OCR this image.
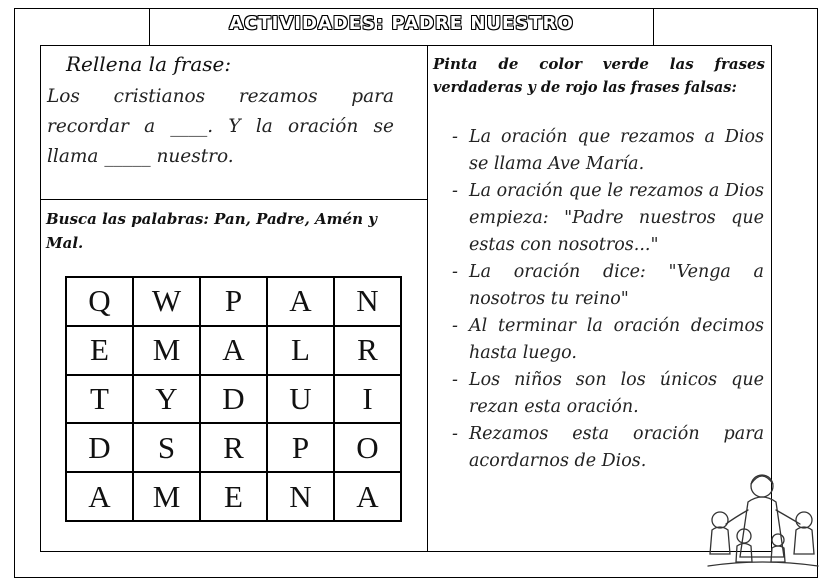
ACTIVIDADES: PADRE NUESTRO
Rellena la frase:
Los cristianos rezamos para recordar a ____. Y la oración se llama _____ nuestro.
Busca las palabras: Pan, Padre, Amén y Mal.
Q	W	P	A	N
E	M	A	L	R
T	Y	D	U	I
D	S	R	P	O
A	M	E	N	A
Pinta de color verde las frases
verdaderas y de rojo las frases falsas:
- La oración que rezamos a Dios se llama Ave María.
- La oración que le rezamos a Dios empieza: "Padre nuestros que estas con nosotros..."
- La oración dice: "Venga a nosotros tu reino"
- Al terminar la oración decimos hasta luego.
- Los niños son los únicos que rezan esta oración.
- Rezamos esta oración para acordarnos de Dios.
